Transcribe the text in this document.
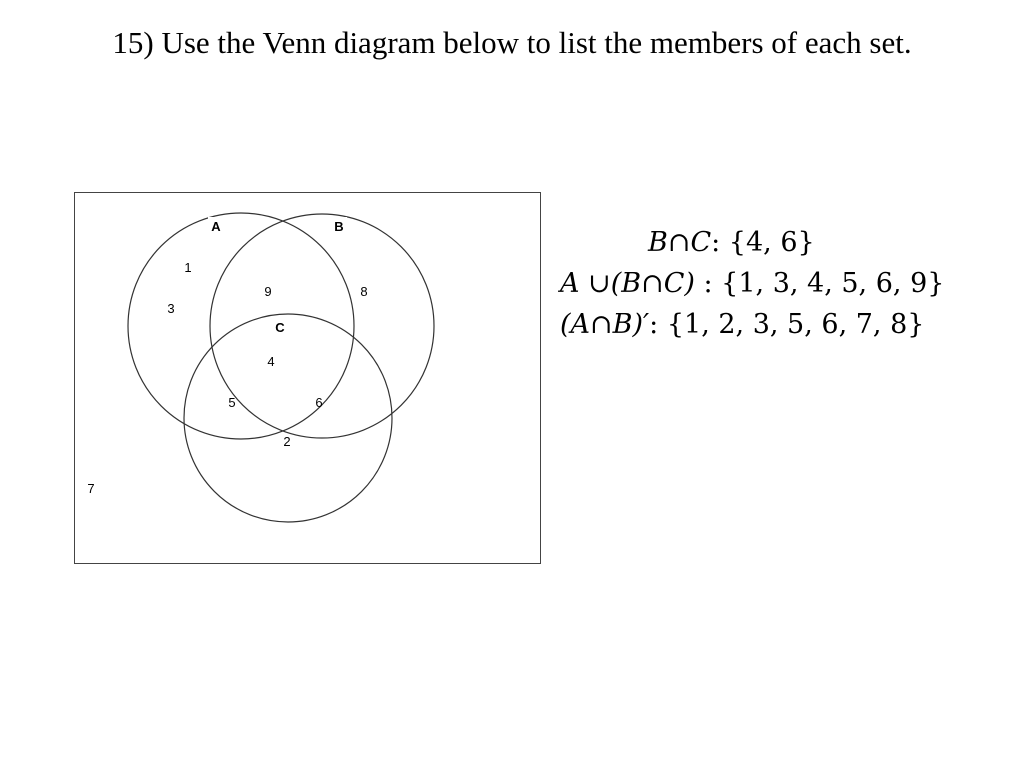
15) Use the Venn diagram below to list the members of each set.
A	B
C
1
3
9	8
4
5	6
2
7
B∩C: {4, 6}
A ∪(B∩C) : {1, 3, 4, 5, 6, 9}
(A∩B)′: {1, 2, 3, 5, 6, 7, 8}
